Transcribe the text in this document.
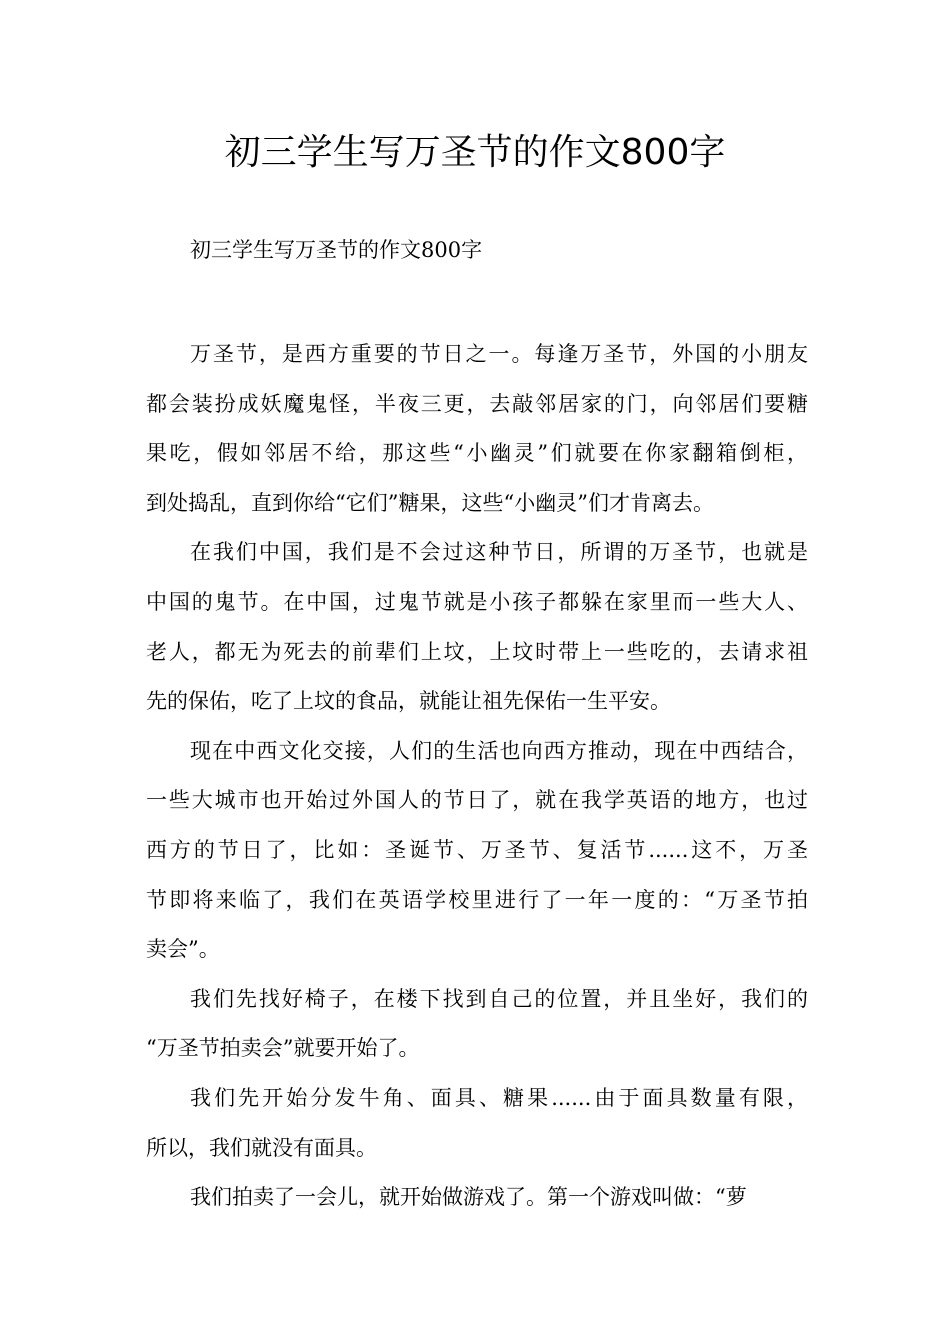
初三学生写万圣节的作文800字

初三学生写万圣节的作文800字

万圣节，是西方重要的节日之一。每逢万圣节，外国的小朋友
都会装扮成妖魔鬼怪，半夜三更，去敲邻居家的门，向邻居们要糖
果吃，假如邻居不给，那这些“小幽灵”们就要在你家翻箱倒柜，
到处捣乱，直到你给“它们”糖果，这些“小幽灵”们才肯离去。
在我们中国，我们是不会过这种节日，所谓的万圣节，也就是
中国的鬼节。在中国，过鬼节就是小孩子都躲在家里而一些大人、
老人，都无为死去的前辈们上坟，上坟时带上一些吃的，去请求祖
先的保佑，吃了上坟的食品，就能让祖先保佑一生平安。
现在中西文化交接，人们的生活也向西方推动，现在中西结合，
一些大城市也开始过外国人的节日了，就在我学英语的地方，也过
西方的节日了，比如：圣诞节、万圣节、复活节......这不，万圣
节即将来临了，我们在英语学校里进行了一年一度的：“万圣节拍
卖会”。
我们先找好椅子，在楼下找到自己的位置，并且坐好，我们的
“万圣节拍卖会”就要开始了。
我们先开始分发牛角、面具、糖果......由于面具数量有限，
所以，我们就没有面具。
我们拍卖了一会儿，就开始做游戏了。第一个游戏叫做：“萝
